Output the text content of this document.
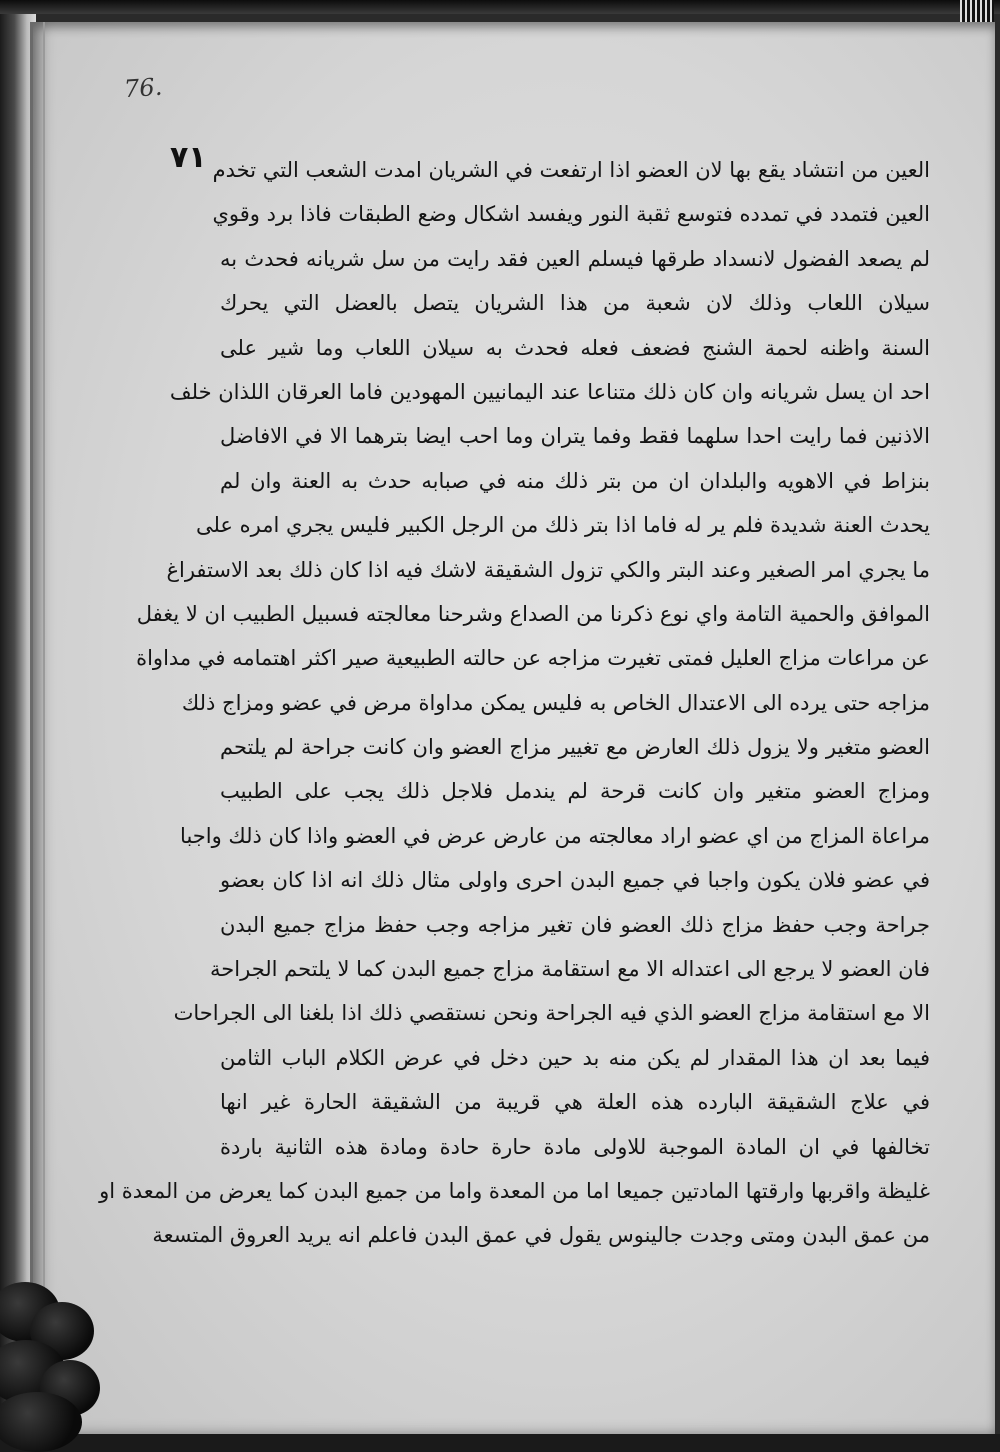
76.
٧١ العين من انتشاد يقع بها لان العضو اذا ارتفعت في الشريان امدت الشعب التي تخدم
العين فتمدد في تمدده فتوسع ثقبة النور ويفسد اشكال وضع الطبقات فاذا برد وقوي
لم يصعد الفضول لانسداد طرقها فيسلم العين فقد رايت من سل شريانه فحدث به
سيلان اللعاب وذلك لان شعبة من هذا الشريان يتصل بالعضل التي يحرك
السنة واظنه لحمة الشنج فضعف فعله فحدث به سيلان اللعاب وما شير على
احد ان يسل شريانه وان كان ذلك متناعا عند اليمانيين المهودين فاما العرقان اللذان خلف
الاذنين فما رايت احدا سلهما فقط وفما يتران وما احب ايضا بترهما الا في الافاضل
بنزاط في الاهويه والبلدان ان من بتر ذلك منه في صبابه حدث به العنة وان لم
يحدث العنة شديدة فلم ير له فاما اذا بتر ذلك من الرجل الكبير فليس يجري امره على
ما يجري امر الصغير وعند البتر والكي تزول الشقيقة لاشك فيه اذا كان ذلك بعد الاستفراغ
الموافق والحمية التامة واي نوع ذكرنا من الصداع وشرحنا معالجته فسبيل الطبيب ان لا يغفل
عن مراعات مزاج العليل فمتى تغيرت مزاجه عن حالته الطبيعية صير اكثر اهتمامه في مداواة
مزاجه حتى يرده الى الاعتدال الخاص به فليس يمكن مداواة مرض في عضو ومزاج ذلك
العضو متغير ولا يزول ذلك العارض مع تغيير مزاج العضو وان كانت جراحة لم يلتحم
ومزاج العضو متغير وان كانت قرحة لم يندمل فلاجل ذلك يجب على الطبيب
مراعاة المزاج من اي عضو اراد معالجته من عارض عرض في العضو واذا كان ذلك واجبا
في عضو فلان يكون واجبا في جميع البدن احرى واولى مثال ذلك انه اذا كان بعضو
جراحة وجب حفظ مزاج ذلك العضو فان تغير مزاجه وجب حفظ مزاج جميع البدن
فان العضو لا يرجع الى اعتداله الا مع استقامة مزاج جميع البدن كما لا يلتحم الجراحة
الا مع استقامة مزاج العضو الذي فيه الجراحة ونحن نستقصي ذلك اذا بلغنا الى الجراحات
فيما بعد ان هذا المقدار لم يكن منه بد حين دخل في عرض الكلام الباب الثامن
في علاج الشقيقة البارده هذه العلة هي قريبة من الشقيقة الحارة غير انها
تخالفها في ان المادة الموجبة للاولى مادة حارة حادة ومادة هذه الثانية باردة
غليظة واقربها وارقتها المادتين جميعا اما من المعدة واما من جميع البدن كما يعرض من المعدة او
من عمق البدن ومتى وجدت جالينوس يقول في عمق البدن فاعلم انه يريد العروق المتسعة
